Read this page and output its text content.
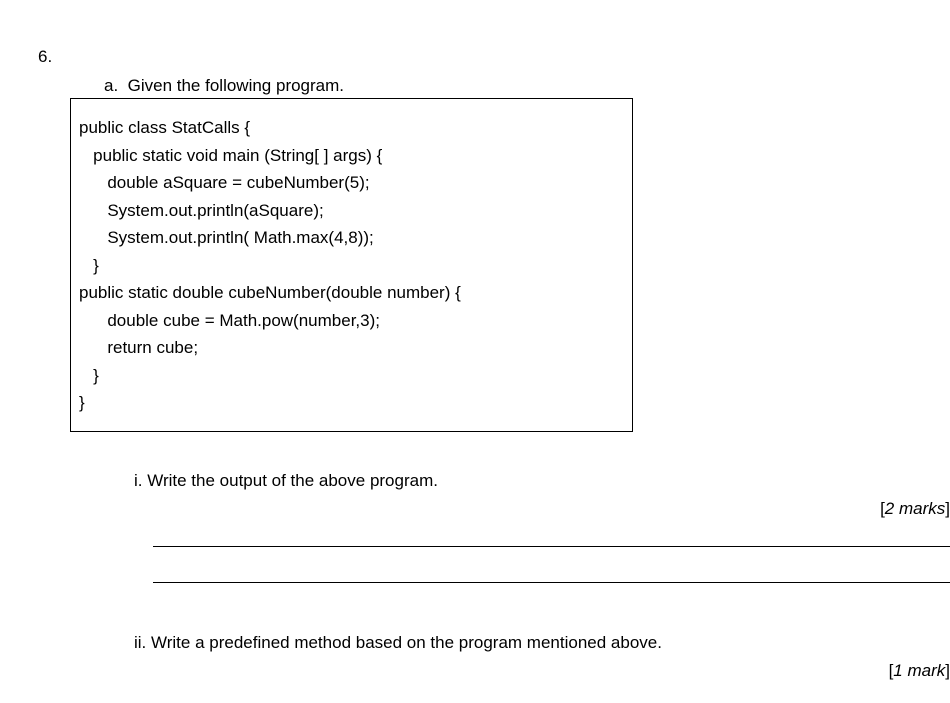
6.
a.  Given the following program.
public class StatCalls {
public static void main (String[ ] args) {
double aSquare = cubeNumber(5);
System.out.println(aSquare);
System.out.println( Math.max(4,8));
}
public static double cubeNumber(double number) {
double cube = Math.pow(number,3);
return cube;
}
}
i. Write the output of the above program.
[2 marks]
ii. Write a predefined method based on the program mentioned above.
[1 mark]
